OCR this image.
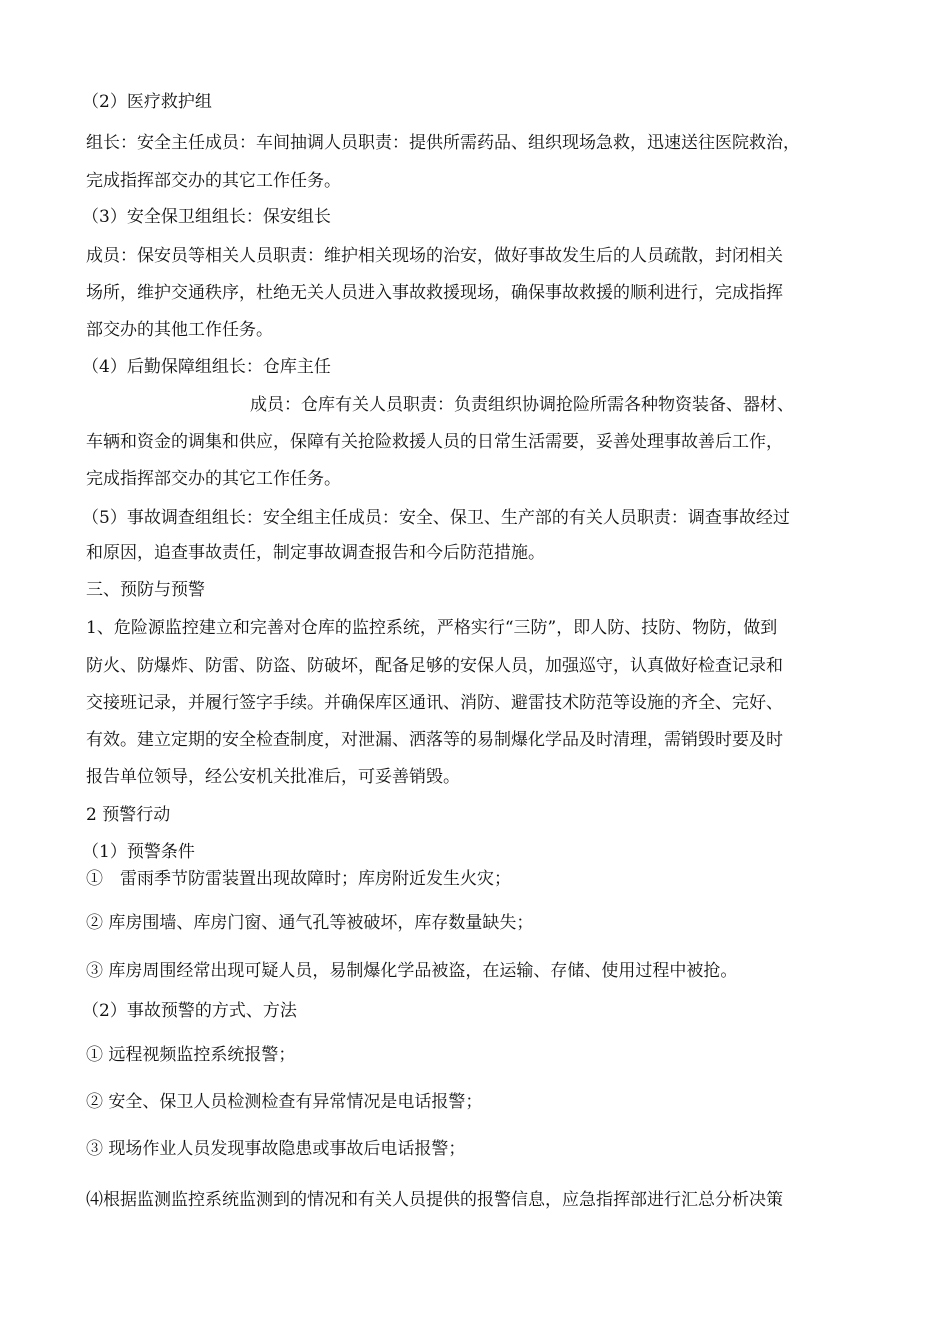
（2）医疗救护组
组长：安全主任成员：车间抽调人员职责：提供所需药品、组织现场急救，迅速送往医院救治，
完成指挥部交办的其它工作任务。
（3）安全保卫组组长：保安组长
成员：保安员等相关人员职责：维护相关现场的治安，做好事故发生后的人员疏散，封闭相关
场所，维护交通秩序，杜绝无关人员进入事故救援现场，确保事故救援的顺利进行，完成指挥
部交办的其他工作任务。
（4）后勤保障组组长：仓库主任
成员：仓库有关人员职责：负责组织协调抢险所需各种物资装备、器材、
车辆和资金的调集和供应，保障有关抢险救援人员的日常生活需要，妥善处理事故善后工作，
完成指挥部交办的其它工作任务。
（5）事故调查组组长：安全组主任成员：安全、保卫、生产部的有关人员职责：调查事故经过
和原因，追查事故责任，制定事故调查报告和今后防范措施。
三、预防与预警
1、危险源监控建立和完善对仓库的监控系统，严格实行“三防”，即人防、技防、物防，做到
防火、防爆炸、防雷、防盗、防破坏，配备足够的安保人员，加强巡守，认真做好检查记录和
交接班记录，并履行签字手续。并确保库区通讯、消防、避雷技术防范等设施的齐全、完好、
有效。建立定期的安全检查制度，对泄漏、洒落等的易制爆化学品及时清理，需销毁时要及时
报告单位领导，经公安机关批准后，可妥善销毁。
2 预警行动
（1）预警条件
①　雷雨季节防雷装置出现故障时；库房附近发生火灾；
② 库房围墙、库房门窗、通气孔等被破坏，库存数量缺失；
③ 库房周围经常出现可疑人员，易制爆化学品被盗，在运输、存储、使用过程中被抢。
（2）事故预警的方式、方法
① 远程视频监控系统报警；
② 安全、保卫人员检测检查有异常情况是电话报警；
③ 现场作业人员发现事故隐患或事故后电话报警；
⑷根据监测监控系统监测到的情况和有关人员提供的报警信息，应急指挥部进行汇总分析决策
